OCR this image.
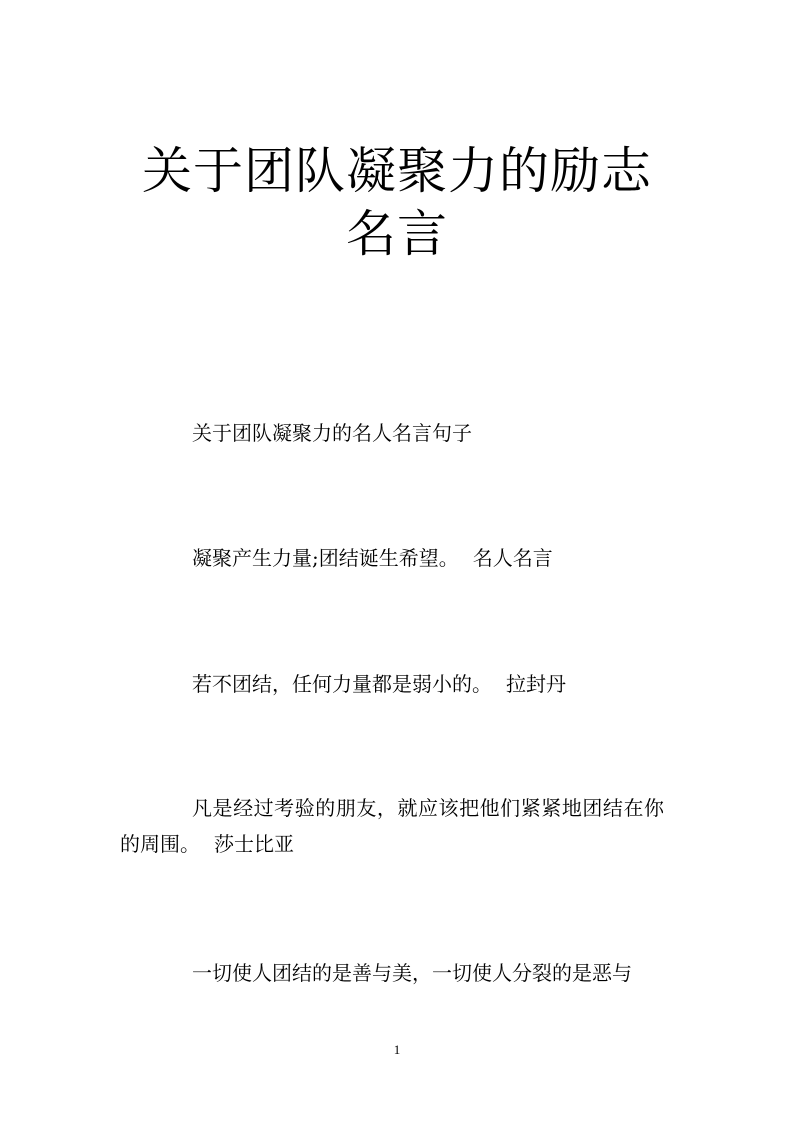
关于团队凝聚力的励志名言

关于团队凝聚力的名人名言句子

凝聚产生力量;团结诞生希望。 名人名言

若不团结，任何力量都是弱小的。 拉封丹

凡是经过考验的朋友，就应该把他们紧紧地团结在你的周围。 莎士比亚

一切使人团结的是善与美，一切使人分裂的是恶与

1
